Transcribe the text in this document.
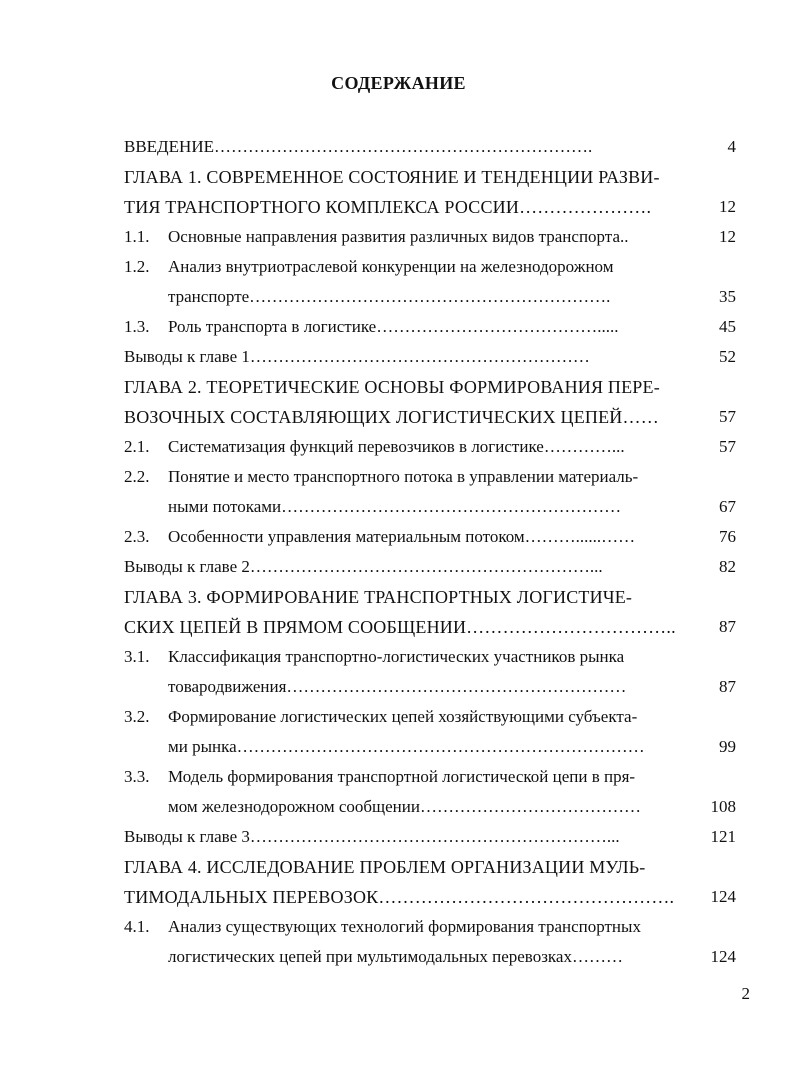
СОДЕРЖАНИЕ
ВВЕДЕНИЕ………………………………………………………….	4
ГЛАВА 1. СОВРЕМЕННОЕ СОСТОЯНИЕ И ТЕНДЕНЦИИ РАЗВИ-
ТИЯ ТРАНСПОРТНОГО КОМПЛЕКСА РОССИИ………………….	12
1.1. Основные направления развития различных видов транспорта..	12
1.2. Анализ внутриотраслевой конкуренции на железнодорожном
транспорте……………………………………………………….	35
1.3. Роль транспорта в логистике………………………………….....	45
Выводы к главе 1……………………………………………………	52
ГЛАВА 2. ТЕОРЕТИЧЕСКИЕ ОСНОВЫ ФОРМИРОВАНИЯ ПЕРЕ-
ВОЗОЧНЫХ СОСТАВЛЯЮЩИХ ЛОГИСТИЧЕСКИХ ЦЕПЕЙ……	57
2.1. Систематизация функций перевозчиков в логистике…………...	57
2.2. Понятие и место транспортного потока в управлении материаль-
ными потоками……………………………………………………	67
2.3. Особенности управления материальным потоком………......……	76
Выводы к главе 2……………………………………………………...	82
ГЛАВА 3. ФОРМИРОВАНИЕ ТРАНСПОРТНЫХ ЛОГИСТИЧЕ-
СКИХ ЦЕПЕЙ В ПРЯМОМ СООБЩЕНИИ……………………………..	87
3.1. Классификация транспортно-логистических участников рынка
товародвижения……………………………………………………	87
3.2. Формирование логистических цепей хозяйствующими субъекта-
ми рынка………………………………………………………………	99
3.3. Модель формирования транспортной логистической цепи в пря-
мом железнодорожном сообщении…………………………………	108
Выводы к главе 3………………………………………………………...	121
ГЛАВА 4. ИССЛЕДОВАНИЕ ПРОБЛЕМ ОРГАНИЗАЦИИ МУЛЬ-
ТИМОДАЛЬНЫХ ПЕРЕВОЗОК………………………………………….	124
4.1. Анализ существующих технологий формирования транспортных
логистических цепей при мультимодальных перевозках………	124
2
